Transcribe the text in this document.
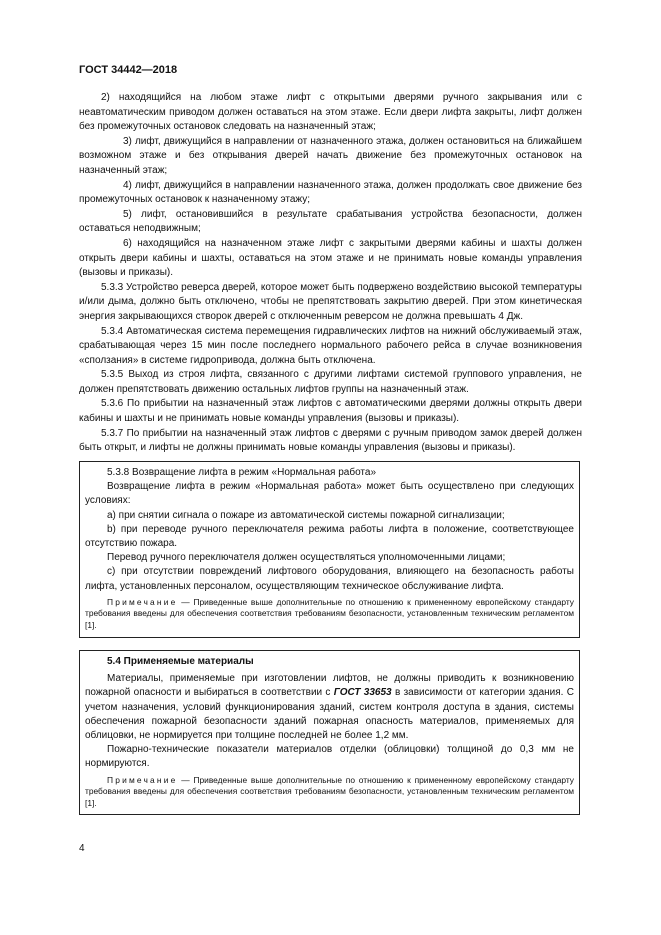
ГОСТ 34442—2018

2) находящийся на любом этаже лифт с открытыми дверями ручного закрывания или с неавтоматическим приводом должен оставаться на этом этаже. Если двери лифта закрыты, лифт должен без промежуточных остановок следовать на назначенный этаж;

3) лифт, движущийся в направлении от назначенного этажа, должен остановиться на ближайшем возможном этаже и без открывания дверей начать движение без промежуточных остановок на назначенный этаж;

4) лифт, движущийся в направлении назначенного этажа, должен продолжать свое движение без промежуточных остановок к назначенному этажу;

5) лифт, остановившийся в результате срабатывания устройства безопасности, должен оставаться неподвижным;

6) находящийся на назначенном этаже лифт с закрытыми дверями кабины и шахты должен открыть двери кабины и шахты, оставаться на этом этаже и не принимать новые команды управления (вызовы и приказы).

5.3.3 Устройство реверса дверей, которое может быть подвержено воздействию высокой температуры и/или дыма, должно быть отключено, чтобы не препятствовать закрытию дверей. При этом кинетическая энергия закрывающихся створок дверей с отключенным реверсом не должна превышать 4 Дж.

5.3.4 Автоматическая система перемещения гидравлических лифтов на нижний обслуживаемый этаж, срабатывающая через 15 мин после последнего нормального рабочего рейса в случае возникновения «сползания» в системе гидропривода, должна быть отключена.

5.3.5 Выход из строя лифта, связанного с другими лифтами системой группового управления, не должен препятствовать движению остальных лифтов группы на назначенный этаж.

5.3.6 По прибытии на назначенный этаж лифтов с автоматическими дверями должны открыть двери кабины и шахты и не принимать новые команды управления (вызовы и приказы).

5.3.7 По прибытии на назначенный этаж лифтов с дверями с ручным приводом замок дверей должен быть открыт, и лифты не должны принимать новые команды управления (вызовы и приказы).

5.3.8 Возвращение лифта в режим «Нормальная работа»

Возвращение лифта в режим «Нормальная работа» может быть осуществлено при следующих условиях:

a) при снятии сигнала о пожаре из автоматической системы пожарной сигнализации;

b) при переводе ручного переключателя режима работы лифта в положение, соответствующее отсутствию пожара.

Перевод ручного переключателя должен осуществляться уполномоченными лицами;

c) при отсутствии повреждений лифтового оборудования, влияющего на безопасность работы лифта, установленных персоналом, осуществляющим техническое обслуживание лифта.

Примечание — Приведенные выше дополнительные по отношению к примененному европейскому стандарту требования введены для обеспечения соответствия требованиям безопасности, установленным техническим регламентом [1].

5.4 Применяемые материалы

Материалы, применяемые при изготовлении лифтов, не должны приводить к возникновению пожарной опасности и выбираться в соответствии с ГОСТ 33653 в зависимости от категории здания. С учетом назначения, условий функционирования зданий, систем контроля доступа в здания, системы обеспечения пожарной безопасности зданий пожарная опасность материалов, применяемых для облицовки, не нормируется при толщине последней не более 1,2 мм.

Пожарно-технические показатели материалов отделки (облицовки) толщиной до 0,3 мм не нормируются.

Примечание — Приведенные выше дополнительные по отношению к примененному европейскому стандарту требования введены для обеспечения соответствия требованиям безопасности, установленным техническим регламентом [1].

4
